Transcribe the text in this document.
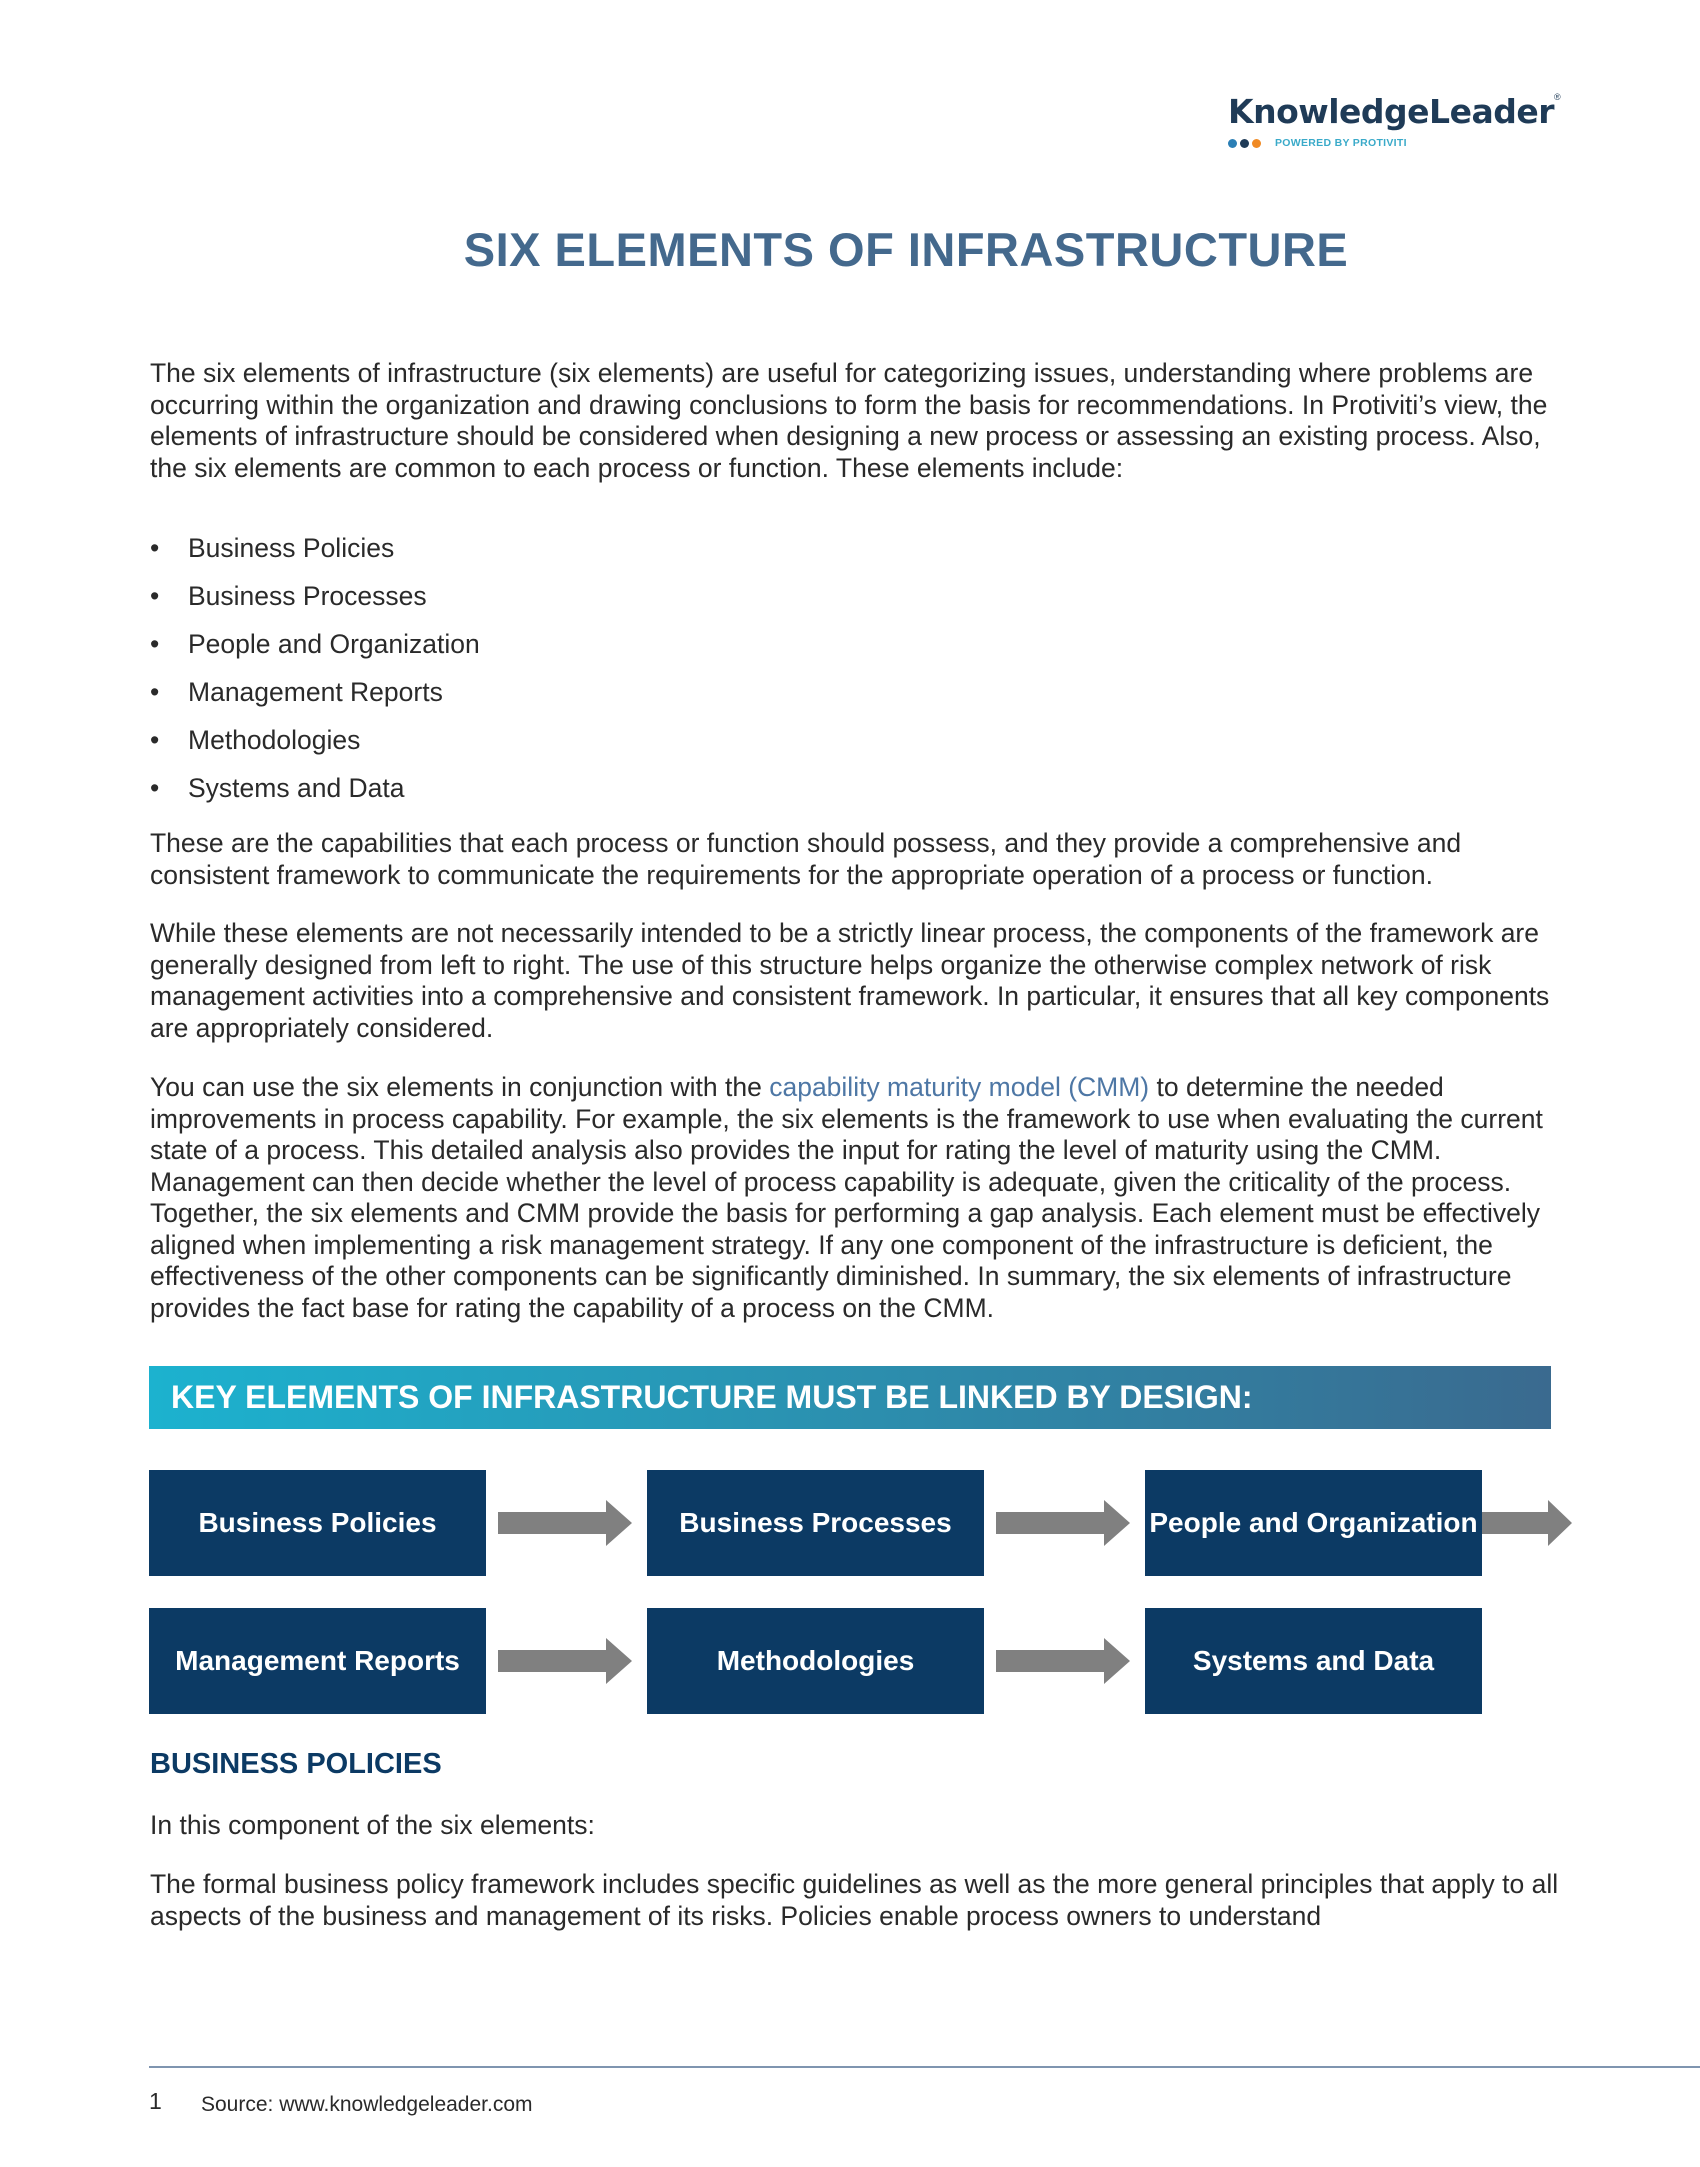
KnowledgeLeader®
POWERED BY PROTIVITI
SIX ELEMENTS OF INFRASTRUCTURE

The six elements of infrastructure (six elements) are useful for categorizing issues, understanding where problems are occurring within the organization and drawing conclusions to form the basis for recommendations. In Protiviti’s view, the elements of infrastructure should be considered when designing a new process or assessing an existing process. Also, the six elements are common to each process or function. These elements include:

•	Business Policies
•	Business Processes
•	People and Organization
•	Management Reports
•	Methodologies
•	Systems and Data

These are the capabilities that each process or function should possess, and they provide a comprehensive and consistent framework to communicate the requirements for the appropriate operation of a process or function.

While these elements are not necessarily intended to be a strictly linear process, the components of the framework are generally designed from left to right. The use of this structure helps organize the otherwise complex network of risk management activities into a comprehensive and consistent framework. In particular, it ensures that all key components are appropriately considered.

You can use the six elements in conjunction with the capability maturity model (CMM) to determine the needed improvements in process capability. For example, the six elements is the framework to use when evaluating the current state of a process. This detailed analysis also provides the input for rating the level of maturity using the CMM. Management can then decide whether the level of process capability is adequate, given the criticality of the process. Together, the six elements and CMM provide the basis for performing a gap analysis. Each element must be effectively aligned when implementing a risk management strategy. If any one component of the infrastructure is deficient, the effectiveness of the other components can be significantly diminished. In summary, the six elements of infrastructure provides the fact base for rating the capability of a process on the CMM.

KEY ELEMENTS OF INFRASTRUCTURE MUST BE LINKED BY DESIGN:
Business Policies	Business Processes	People and Organization
Management Reports	Methodologies	Systems and Data
BUSINESS POLICIES

In this component of the six elements:

The formal business policy framework includes specific guidelines as well as the more general principles that apply to all aspects of the business and management of its risks. Policies enable process owners to understand

1 Source: www.knowledgeleader.com
